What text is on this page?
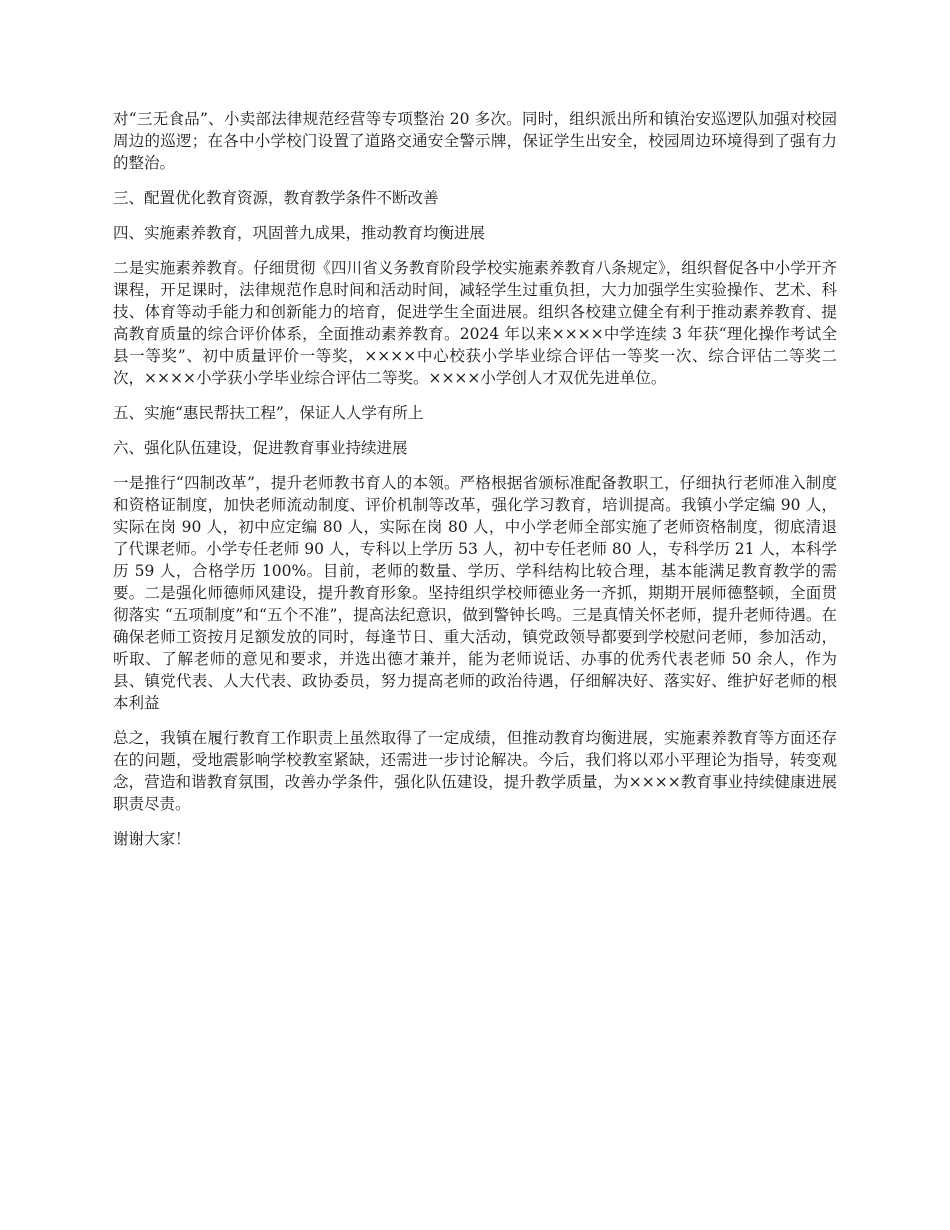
对“三无食品”、小卖部法律规范经营等专项整治 20 多次。同时，组织派出所和镇治安巡逻队加强对校园周边的巡逻；在各中小学校门设置了道路交通安全警示牌，保证学生出安全，校园周边环境得到了强有力的整治。

三、配置优化教育资源，教育教学条件不断改善

四、实施素养教育，巩固普九成果，推动教育均衡进展

二是实施素养教育。仔细贯彻《四川省义务教育阶段学校实施素养教育八条规定》，组织督促各中小学开齐课程，开足课时，法律规范作息时间和活动时间，减轻学生过重负担，大力加强学生实验操作、艺术、科技、体育等动手能力和创新能力的培育，促进学生全面进展。组织各校建立健全有利于推动素养教育、提高教育质量的综合评价体系，全面推动素养教育。2024 年以来××××中学连续 3 年获“理化操作考试全县一等奖”、初中质量评价一等奖，××××中心校获小学毕业综合评估一等奖一次、综合评估二等奖二次，××××小学获小学毕业综合评估二等奖。××××小学创人才双优先进单位。

五、实施“惠民帮扶工程”，保证人人学有所上

六、强化队伍建设，促进教育事业持续进展

一是推行“四制改革”，提升老师教书育人的本领。严格根据省颁标准配备教职工，仔细执行老师准入制度和资格证制度，加快老师流动制度、评价机制等改革，强化学习教育，培训提高。我镇小学定编 90 人，实际在岗 90 人，初中应定编 80 人，实际在岗 80 人，中小学老师全部实施了老师资格制度，彻底清退了代课老师。小学专任老师 90 人，专科以上学历 53 人，初中专任老师 80 人，专科学历 21 人，本科学历 59 人，合格学历 100%。目前，老师的数量、学历、学科结构比较合理，基本能满足教育教学的需要。二是强化师德师风建设，提升教育形象。坚持组织学校师德业务一齐抓，期期开展师德整顿，全面贯彻落实 “五项制度”和“五个不准”，提高法纪意识，做到警钟长鸣。三是真情关怀老师，提升老师待遇。在确保老师工资按月足额发放的同时，每逢节日、重大活动，镇党政领导都要到学校慰问老师，参加活动，听取、了解老师的意见和要求，并选出德才兼并，能为老师说话、办事的优秀代表老师 50 余人，作为县、镇党代表、人大代表、政协委员，努力提高老师的政治待遇，仔细解决好、落实好、维护好老师的根本利益

总之，我镇在履行教育工作职责上虽然取得了一定成绩，但推动教育均衡进展，实施素养教育等方面还存在的问题，受地震影响学校教室紧缺，还需进一步讨论解决。今后，我们将以邓小平理论为指导，转变观念，营造和谐教育氛围，改善办学条件，强化队伍建设，提升教学质量，为××××教育事业持续健康进展职责尽责。

谢谢大家！
